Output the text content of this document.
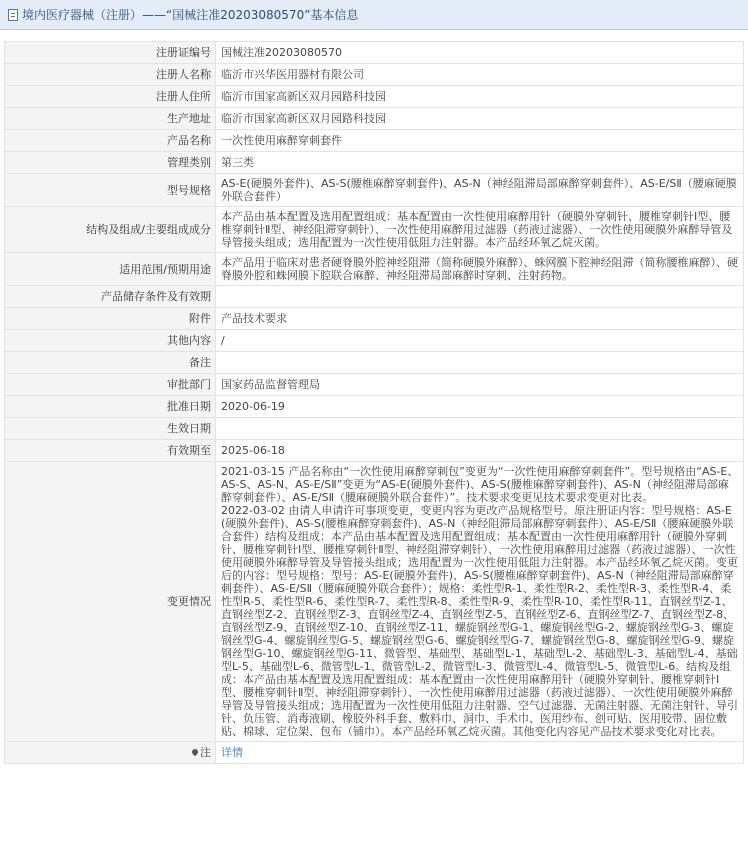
境内医疗器械（注册）——“国械注准20203080570”基本信息
注册证编号	国械注准20203080570
注册人名称	临沂市兴华医用器材有限公司
注册人住所	临沂市国家高新区双月园路科技园
生产地址	临沂市国家高新区双月园路科技园
产品名称	一次性使用麻醉穿刺套件
管理类别	第三类
型号规格	AS-E(硬膜外套件)、AS-S(腰椎麻醉穿刺套件)、AS-N（神经阻滞局部麻醉穿刺套件）、AS-E/SⅡ（腰麻硬膜外联合套件）
结构及组成/主要组成成分	本产品由基本配置及选用配置组成：基本配置由一次性使用麻醉用针（硬膜外穿刺针、腰椎穿刺针Ⅰ型、腰椎穿刺针Ⅱ型、神经阻滞穿刺针）、一次性使用麻醉用过滤器（药液过滤器）、一次性使用硬膜外麻醉导管及导管接头组成；选用配置为一次性使用低阻力注射器。本产品经环氧乙烷灭菌。
适用范围/预期用途	本产品用于临床对患者硬脊膜外腔神经阻滞（简称硬膜外麻醉）、蛛网膜下腔神经阻滞（简称腰椎麻醉）、硬脊膜外腔和蛛网膜下腔联合麻醉、神经阻滞局部麻醉时穿刺、注射药物。
产品储存条件及有效期	
附件	产品技术要求
其他内容	/
备注	
审批部门	国家药品监督管理局
批准日期	2020-06-19
生效日期	
有效期至	2025-06-18
变更情况	2021-03-15 产品名称由“一次性使用麻醉穿刺包”变更为“一次性使用麻醉穿刺套件”。型号规格由“AS-E、AS-S、AS-N、AS-E/SⅡ”变更为“AS-E(硬膜外套件)、AS-S(腰椎麻醉穿刺套件)、AS-N（神经阻滞局部麻醉穿刺套件）、AS-E/SⅡ（腰麻硬膜外联合套件）”。技术要求变更见技术要求变更对比表。

2022-03-02 由请人申请许可事项变更，变更内容为更改产品规格型号。原注册证内容：型号规格：AS-E(硬膜外套件)、AS-S(腰椎麻醉穿刺套件)、AS-N（神经阻滞局部麻醉穿刺套件）、AS-E/SⅡ（腰麻硬膜外联合套件）结构及组成：本产品由基本配置及选用配置组成：基本配置由一次性使用麻醉用针（硬膜外穿刺针、腰椎穿刺针Ⅰ型、腰椎穿刺针Ⅱ型、神经阻滞穿刺针）、一次性使用麻醉用过滤器（药液过滤器）、一次性使用硬膜外麻醉导管及导管接头组成；选用配置为一次性使用低阻力注射器。本产品经环氧乙烷灭菌。变更后的内容：型号规格：型号：AS-E(硬膜外套件)、AS-S(腰椎麻醉穿刺套件)、AS-N（神经阻滞局部麻醉穿刺套件）、AS-E/SⅡ（腰麻硬膜外联合套件）；规格：柔性型R-1、柔性型R-2、柔性型R-3、柔性型R-4、柔性型R-5、柔性型R-6、柔性型R-7、柔性型R-8、柔性型R-9、柔性型R-10、柔性型R-11、直钢丝型Z-1、直钢丝型Z-2、直钢丝型Z-3、直钢丝型Z-4、直钢丝型Z-5、直钢丝型Z-6、直钢丝型Z-7、直钢丝型Z-8、直钢丝型Z-9、直钢丝型Z-10、直钢丝型Z-11、螺旋钢丝型G-1、螺旋钢丝型G-2、螺旋钢丝型G-3、螺旋钢丝型G-4、螺旋钢丝型G-5、螺旋钢丝型G-6、螺旋钢丝型G-7、螺旋钢丝型G-8、螺旋钢丝型G-9、螺旋钢丝型G-10、螺旋钢丝型G-11、微管型、基础型、基础型L-1、基础型L-2、基础型L-3、基础型L-4、基础型L-5、基础型L-6、微管型L-1、微管型L-2、微管型L-3、微管型L-4、微管型L-5、微管型L-6。结构及组成：本产品由基本配置及选用配置组成：基本配置由一次性使用麻醉用针（硬膜外穿刺针、腰椎穿刺针Ⅰ型、腰椎穿刺针Ⅱ型、神经阻滞穿刺针）、一次性使用麻醉用过滤器（药液过滤器）、一次性使用硬膜外麻醉导管及导管接头组成；选用配置为一次性使用低阻力注射器、空气过滤器、无菌注射器、无菌注射针、导引针、负压管、消毒液刷、橡胶外科手套、敷料巾、洞巾、手术巾、医用纱布、创可贴、医用胶带、固位敷贴、棉球、定位架、包布（铺巾）。本产品经环氧乙烷灭菌。其他变化内容见产品技术要求变化对比表。

注	详情
